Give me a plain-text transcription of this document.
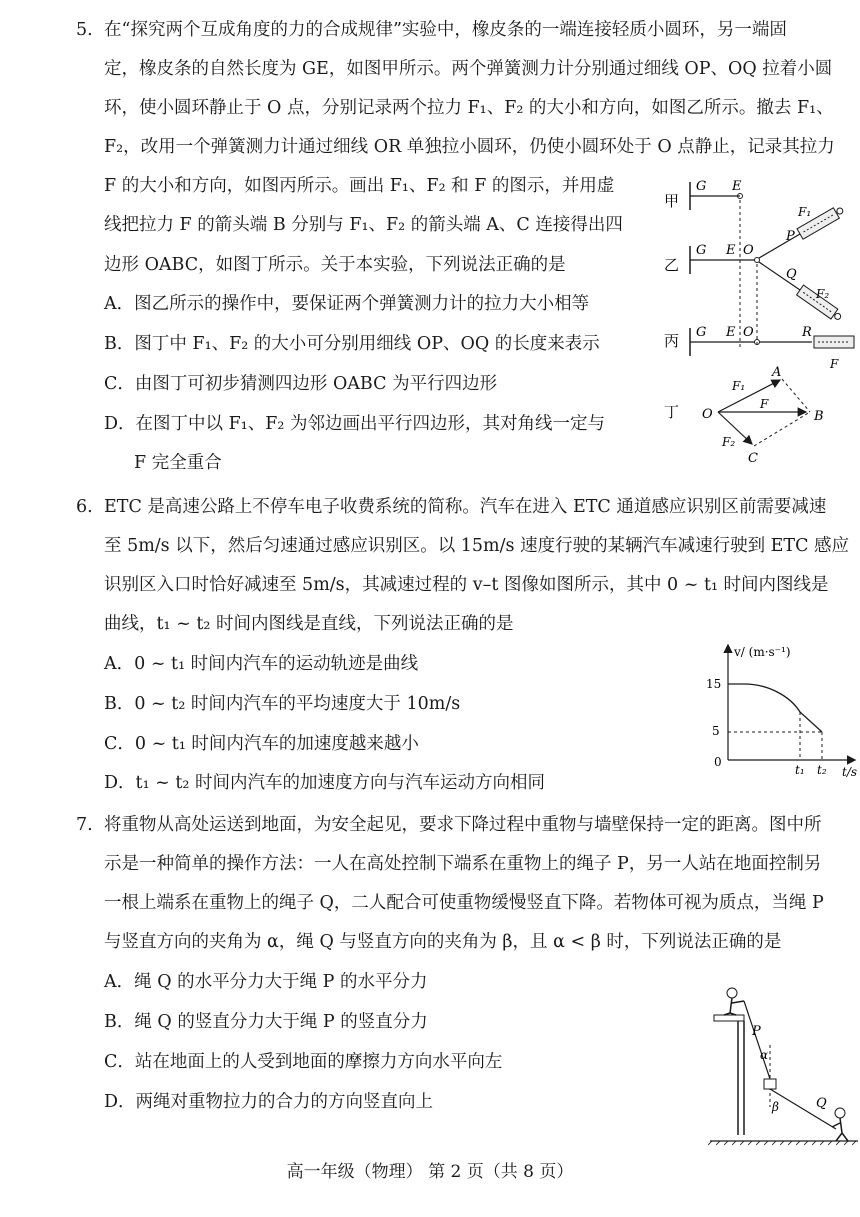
5. 在“探究两个互成角度的力的合成规律”实验中，橡皮条的一端连接轻质小圆环，另一端固
定，橡皮条的自然长度为 GE，如图甲所示。两个弹簧测力计分别通过细线 OP、OQ 拉着小圆
环，使小圆环静止于 O 点，分别记录两个拉力 F₁、F₂ 的大小和方向，如图乙所示。撤去 F₁、
F₂，改用一个弹簧测力计通过细线 OR 单独拉小圆环，仍使小圆环处于 O 点静止，记录其拉力
F 的大小和方向，如图丙所示。画出 F₁、F₂ 和 F 的图示，并用虚
线把拉力 F 的箭头端 B 分别与 F₁、F₂ 的箭头端 A、C 连接得出四
边形 OABC，如图丁所示。关于本实验，下列说法正确的是
A．图乙所示的操作中，要保证两个弹簧测力计的拉力大小相等
B．图丁中 F₁、F₂ 的大小可分别用细线 OP、OQ 的长度来表示
C．由图丁可初步猜测四边形 OABC 为平行四边形
D．在图丁中以 F₁、F₂ 为邻边画出平行四边形，其对角线一定与
F 完全重合
甲
乙
丙
丁
G E
G E O
P
F₁
Q
F₂
G E O	R
F
O
F₁
F
F₂
A
B
C
6. ETC 是高速公路上不停车电子收费系统的简称。汽车在进入 ETC 通道感应识别区前需要减速
至 5m/s 以下，然后匀速通过感应识别区。以 15m/s 速度行驶的某辆汽车减速行驶到 ETC 感应
识别区入口时恰好减速至 5m/s，其减速过程的 v–t 图像如图所示，其中 0 ~ t₁ 时间内图线是
曲线，t₁ ~ t₂ 时间内图线是直线，下列说法正确的是
A．0 ~ t₁ 时间内汽车的运动轨迹是曲线
B．0 ~ t₂ 时间内汽车的平均速度大于 10m/s
C．0 ~ t₁ 时间内汽车的加速度越来越小
D．t₁ ~ t₂ 时间内汽车的加速度方向与汽车运动方向相同
v/ (m·s⁻¹)
t/s
15
5
0
t₁ t₂
7. 将重物从高处运送到地面，为安全起见，要求下降过程中重物与墙壁保持一定的距离。图中所
示是一种简单的操作方法：一人在高处控制下端系在重物上的绳子 P，另一人站在地面控制另
一根上端系在重物上的绳子 Q，二人配合可使重物缓慢竖直下降。若物体可视为质点，当绳 P
与竖直方向的夹角为 α，绳 Q 与竖直方向的夹角为 β，且 α < β 时，下列说法正确的是
A．绳 Q 的水平分力大于绳 P 的水平分力
B．绳 Q 的竖直分力大于绳 P 的竖直分力
C．站在地面上的人受到地面的摩擦力方向水平向左
D．两绳对重物拉力的合力的方向竖直向上
P
α
β	Q
高一年级（物理） 第 2 页（共 8 页）
